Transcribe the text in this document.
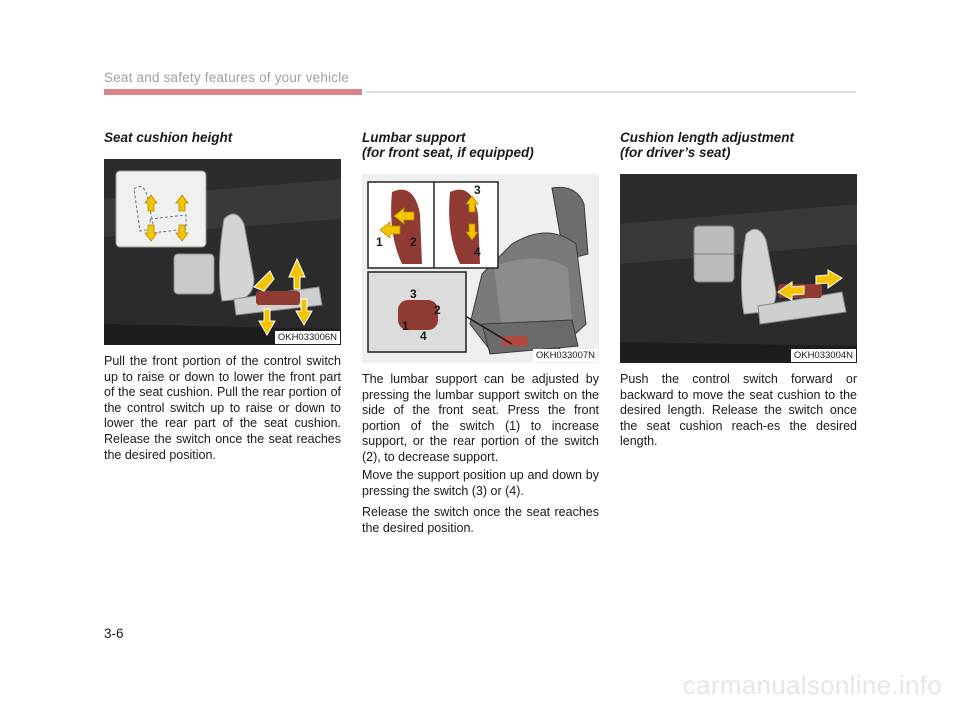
Seat and safety features of your vehicle
Seat cushion height
OKH033006N
Pull the front portion of the control switch up to raise or down to lower the front part of the seat cushion. Pull the rear portion of the control switch up to raise or down to lower the rear part of the seat cushion. Release the switch once the seat reaches the desired position.
Lumbar support
(for front seat, if equipped)
1 2
3
4
1
2
3
4
OKH033007N
The lumbar support can be adjusted by pressing the lumbar support switch on the side of the front seat. Press the front portion of the switch (1) to increase support, or the rear portion of the switch (2), to decrease support.
Move the support position up and down by pressing the switch (3) or (4).
Release the switch once the seat reaches the desired position.
Cushion length adjustment
(for driver’s seat)
OKH033004N
Push the control switch forward or backward to move the seat cushion to the desired length. Release the switch once the seat cushion reach-es the desired length.
3-6
carmanualsonline.info
